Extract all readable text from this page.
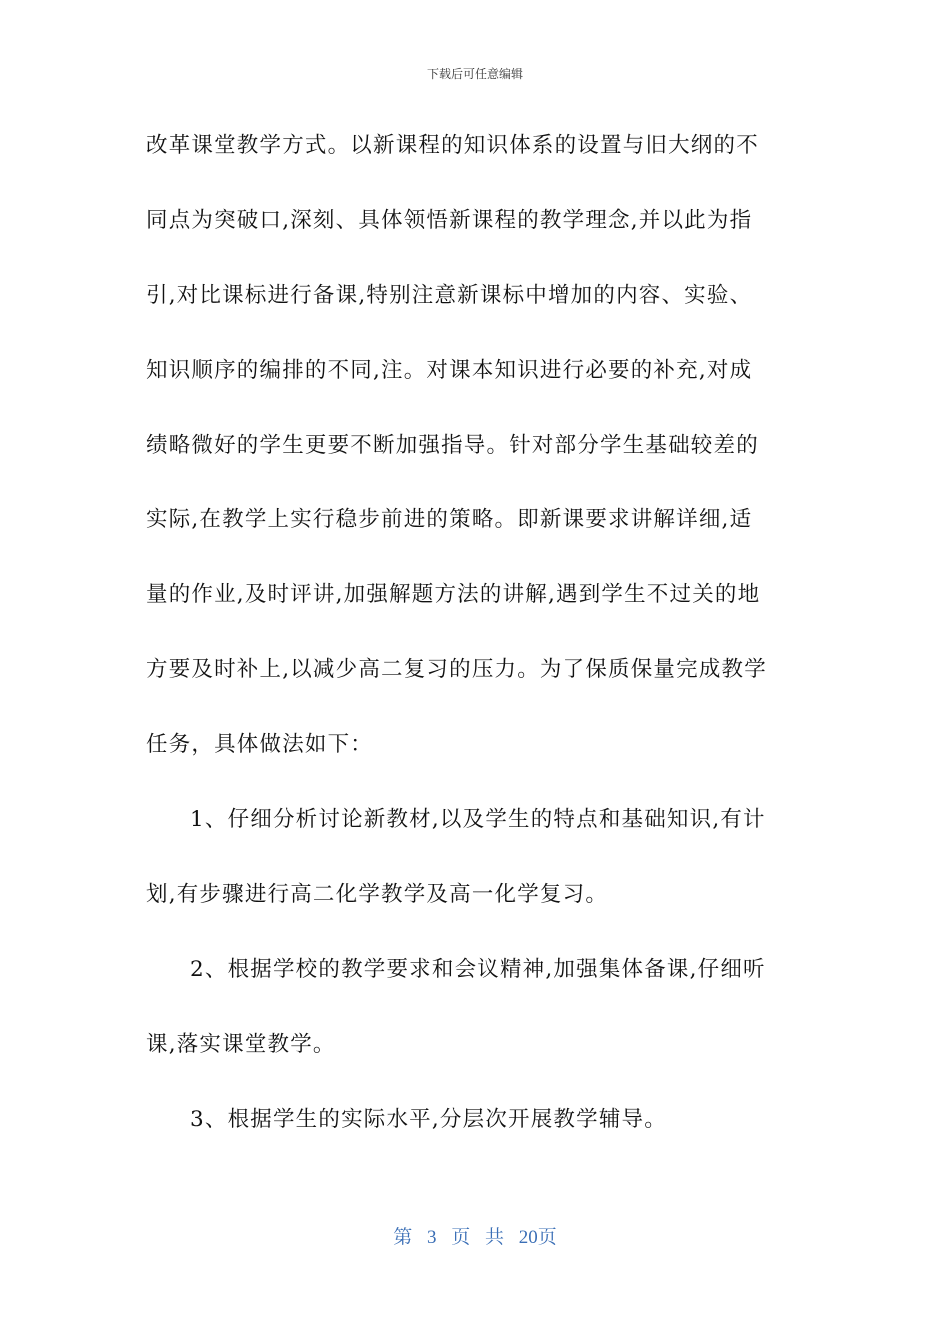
下载后可任意编辑
改革课堂教学方式。以新课程的知识体系的设置与旧大纲的不
同点为突破口,深刻、具体领悟新课程的教学理念,并以此为指
引,对比课标进行备课,特别注意新课标中增加的内容、实验、
知识顺序的编排的不同,注。对课本知识进行必要的补充,对成
绩略微好的学生更要不断加强指导。针对部分学生基础较差的
实际,在教学上实行稳步前进的策略。即新课要求讲解详细,适
量的作业,及时评讲,加强解题方法的讲解,遇到学生不过关的地
方要及时补上,以减少高二复习的压力。为了保质保量完成教学
任务，具体做法如下：
1、仔细分析讨论新教材,以及学生的特点和基础知识,有计
划,有步骤进行高二化学教学及高一化学复习。
2、根据学校的教学要求和会议精神,加强集体备课,仔细听
课,落实课堂教学。
3、根据学生的实际水平,分层次开展教学辅导。
第 3 页 共 20页
